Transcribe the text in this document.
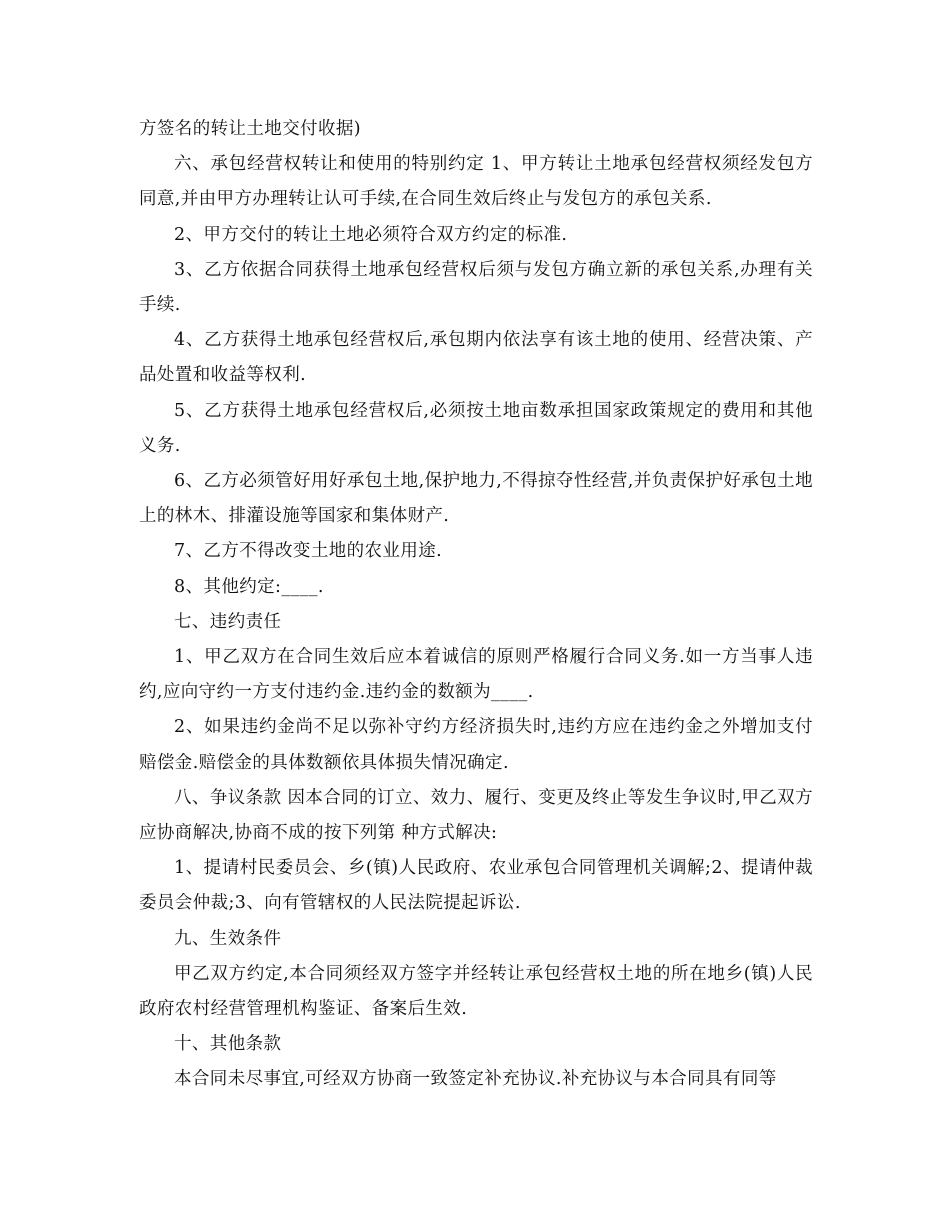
方签名的转让土地交付收据)

六、承包经营权转让和使用的特别约定 1、甲方转让土地承包经营权须经发包方同意,并由甲方办理转让认可手续,在合同生效后终止与发包方的承包关系.

2、甲方交付的转让土地必须符合双方约定的标准.

3、乙方依据合同获得土地承包经营权后须与发包方确立新的承包关系,办理有关手续.

4、乙方获得土地承包经营权后,承包期内依法享有该土地的使用、经营决策、产品处置和收益等权利.

5、乙方获得土地承包经营权后,必须按土地亩数承担国家政策规定的费用和其他义务.

6、乙方必须管好用好承包土地,保护地力,不得掠夺性经营,并负责保护好承包土地上的林木、排灌设施等国家和集体财产.

7、乙方不得改变土地的农业用途.

8、其他约定:____.

七、违约责任

1、甲乙双方在合同生效后应本着诚信的原则严格履行合同义务.如一方当事人违约,应向守约一方支付违约金.违约金的数额为____.

2、如果违约金尚不足以弥补守约方经济损失时,违约方应在违约金之外增加支付赔偿金.赔偿金的具体数额依具体损失情况确定.

八、争议条款 因本合同的订立、效力、履行、变更及终止等发生争议时,甲乙双方应协商解决,协商不成的按下列第 种方式解决:

1、提请村民委员会、乡(镇)人民政府、农业承包合同管理机关调解;2、提请仲裁委员会仲裁;3、向有管辖权的人民法院提起诉讼.

九、生效条件

甲乙双方约定,本合同须经双方签字并经转让承包经营权土地的所在地乡(镇)人民政府农村经营管理机构鉴证、备案后生效.

十、其他条款

本合同未尽事宜,可经双方协商一致签定补充协议.补充协议与本合同具有同等
